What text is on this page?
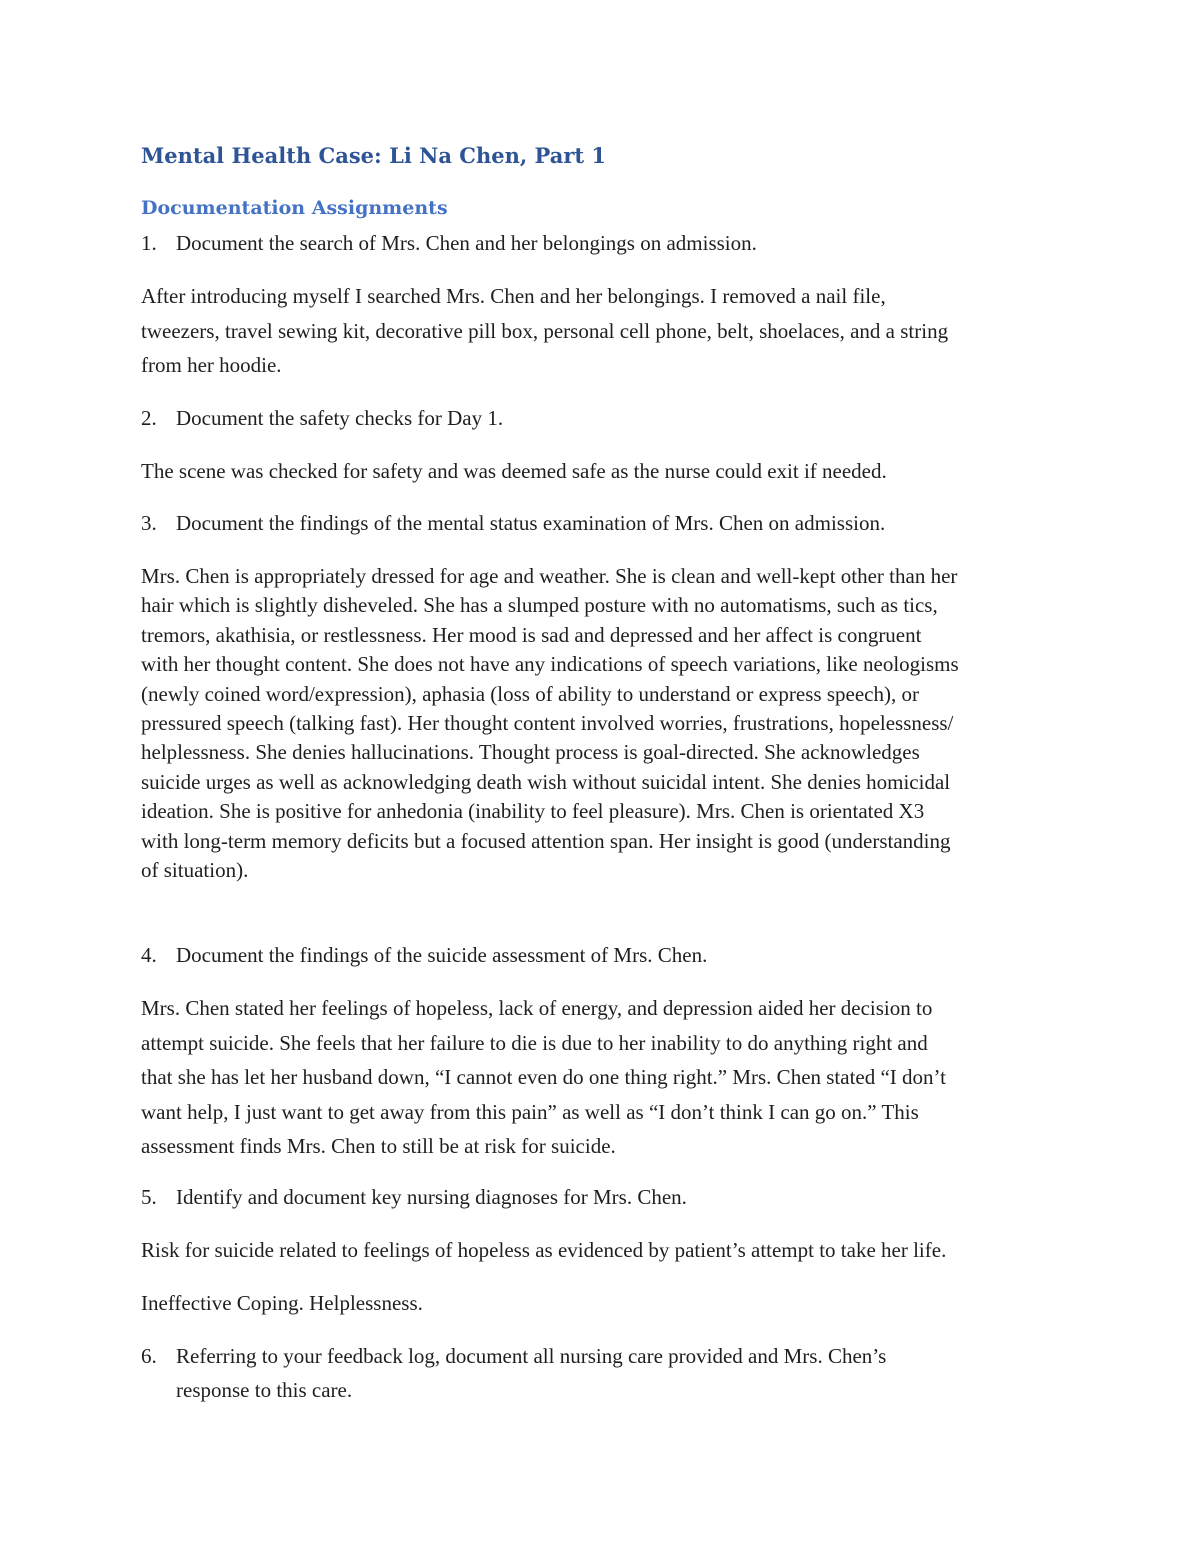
Mental Health Case: Li Na Chen, Part 1
Documentation Assignments
1. Document the search of Mrs. Chen and her belongings on admission.
After introducing myself I searched Mrs. Chen and her belongings. I removed a nail file,
tweezers, travel sewing kit, decorative pill box, personal cell phone, belt, shoelaces, and a string
from her hoodie.
2. Document the safety checks for Day 1.
The scene was checked for safety and was deemed safe as the nurse could exit if needed.
3. Document the findings of the mental status examination of Mrs. Chen on admission.
Mrs. Chen is appropriately dressed for age and weather. She is clean and well-kept other than her
hair which is slightly disheveled. She has a slumped posture with no automatisms, such as tics,
tremors, akathisia, or restlessness. Her mood is sad and depressed and her affect is congruent
with her thought content. She does not have any indications of speech variations, like neologisms
(newly coined word/expression), aphasia (loss of ability to understand or express speech), or
pressured speech (talking fast). Her thought content involved worries, frustrations, hopelessness/
helplessness. She denies hallucinations. Thought process is goal-directed. She acknowledges
suicide urges as well as acknowledging death wish without suicidal intent. She denies homicidal
ideation. She is positive for anhedonia (inability to feel pleasure). Mrs. Chen is orientated X3
with long-term memory deficits but a focused attention span. Her insight is good (understanding
of situation).
4. Document the findings of the suicide assessment of Mrs. Chen.
Mrs. Chen stated her feelings of hopeless, lack of energy, and depression aided her decision to
attempt suicide. She feels that her failure to die is due to her inability to do anything right and
that she has let her husband down, “I cannot even do one thing right.” Mrs. Chen stated “I don’t
want help, I just want to get away from this pain” as well as “I don’t think I can go on.” This
assessment finds Mrs. Chen to still be at risk for suicide.
5. Identify and document key nursing diagnoses for Mrs. Chen.
Risk for suicide related to feelings of hopeless as evidenced by patient’s attempt to take her life.
Ineffective Coping. Helplessness.
6. Referring to your feedback log, document all nursing care provided and Mrs. Chen’s
response to this care.
